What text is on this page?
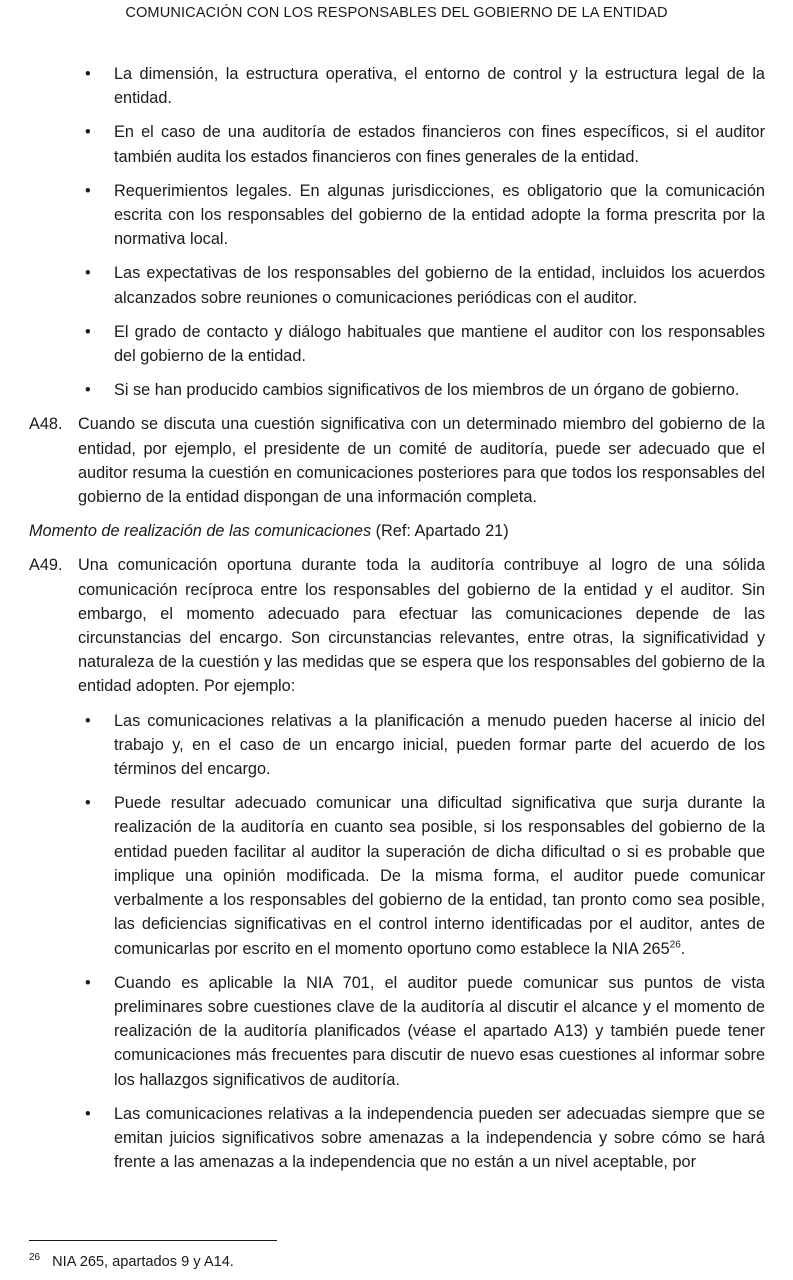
COMUNICACIÓN CON LOS RESPONSABLES DEL GOBIERNO DE LA ENTIDAD
• La dimensión, la estructura operativa, el entorno de control y la estructura legal de la entidad.
• En el caso de una auditoría de estados financieros con fines específicos, si el auditor también audita los estados financieros con fines generales de la entidad.
• Requerimientos legales. En algunas jurisdicciones, es obligatorio que la comunicación escrita con los responsables del gobierno de la entidad adopte la forma prescrita por la normativa local.
• Las expectativas de los responsables del gobierno de la entidad, incluidos los acuerdos alcanzados sobre reuniones o comunicaciones periódicas con el auditor.
• El grado de contacto y diálogo habituales que mantiene el auditor con los responsables del gobierno de la entidad.
• Si se han producido cambios significativos de los miembros de un órgano de gobierno.
A48. Cuando se discuta una cuestión significativa con un determinado miembro del gobierno de la entidad, por ejemplo, el presidente de un comité de auditoría, puede ser adecuado que el auditor resuma la cuestión en comunicaciones posteriores para que todos los responsables del gobierno de la entidad dispongan de una información completa.
Momento de realización de las comunicaciones (Ref: Apartado 21)
A49. Una comunicación oportuna durante toda la auditoría contribuye al logro de una sólida comunicación recíproca entre los responsables del gobierno de la entidad y el auditor. Sin embargo, el momento adecuado para efectuar las comunicaciones depende de las circunstancias del encargo. Son circunstancias relevantes, entre otras, la significatividad y naturaleza de la cuestión y las medidas que se espera que los responsables del gobierno de la entidad adopten. Por ejemplo:
• Las comunicaciones relativas a la planificación a menudo pueden hacerse al inicio del trabajo y, en el caso de un encargo inicial, pueden formar parte del acuerdo de los términos del encargo.
• Puede resultar adecuado comunicar una dificultad significativa que surja durante la realización de la auditoría en cuanto sea posible, si los responsables del gobierno de la entidad pueden facilitar al auditor la superación de dicha dificultad o si es probable que implique una opinión modificada. De la misma forma, el auditor puede comunicar verbalmente a los responsables del gobierno de la entidad, tan pronto como sea posible, las deficiencias significativas en el control interno identificadas por el auditor, antes de comunicarlas por escrito en el momento oportuno como establece la NIA $265^{26}$.
• Cuando es aplicable la NIA 701, el auditor puede comunicar sus puntos de vista preliminares sobre cuestiones clave de la auditoría al discutir el alcance y el momento de realización de la auditoría planificados (véase el apartado A13) y también puede tener comunicaciones más frecuentes para discutir de nuevo esas cuestiones al informar sobre los hallazgos significativos de auditoría.
• Las comunicaciones relativas a la independencia pueden ser adecuadas siempre que se emitan juicios significativos sobre amenazas a la independencia y sobre cómo se hará frente a las amenazas a la independencia que no están a un nivel aceptable, por
$^{26}$ NIA 265, apartados 9 y A14.
